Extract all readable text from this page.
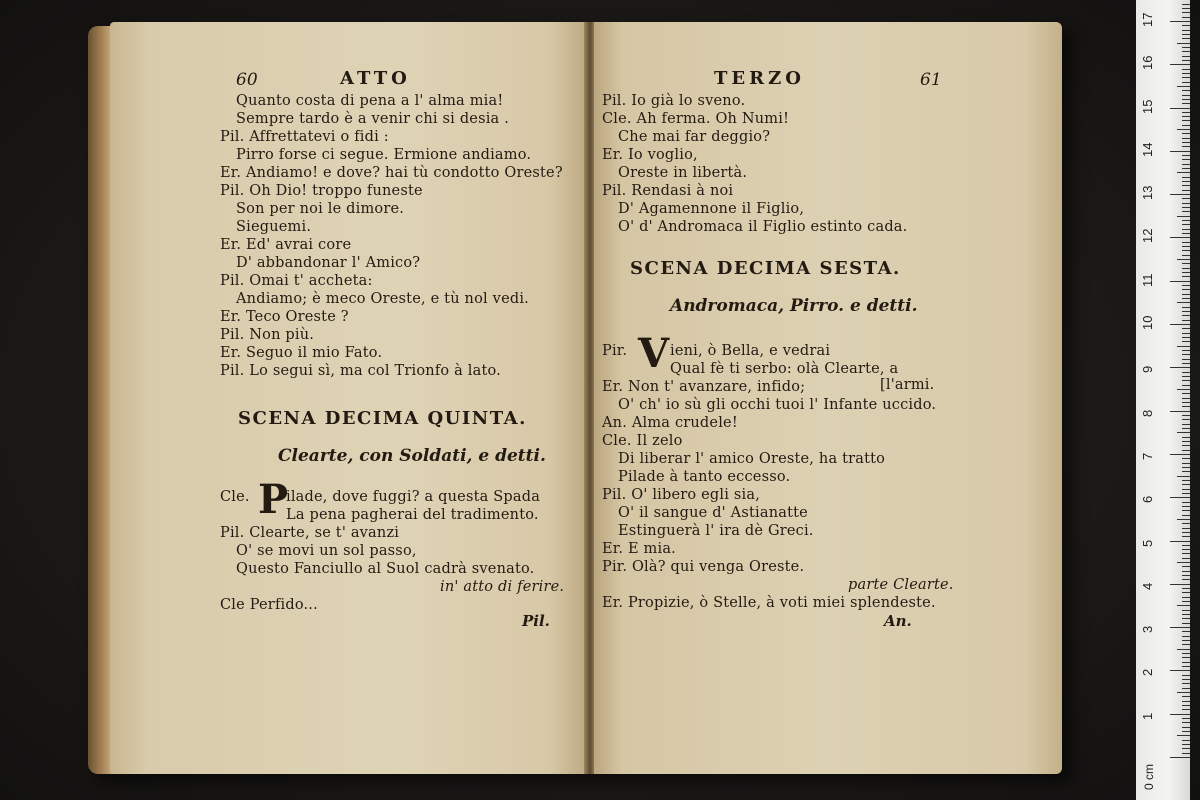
60	ATTO
Quanto costa di pena a l' alma mia!
Sempre tardo è a venir chi si desia .
Pil. Affrettatevi o fidi :
Pirro forse ci segue. Ermione andiamo.
Er. Andiamo! e dove? hai tù condotto Oreste?
Pil. Oh Dio! troppo funeste
Son per noi le dimore.
Sieguemi.
Er. Ed' avrai core
D' abbandonar l' Amico?
Pil. Omai t' accheta:
Andiamo; è meco Oreste, e tù nol vedi.
Er. Teco Oreste ?
Pil. Non più.
Er. Seguo il mio Fato.
Pil. Lo segui sì, ma col Trionfo à lato.
SCENA DECIMA QUINTA.
Clearte, con Soldati, e detti.
Cle. P
ilade, dove fuggi? a questa Spada
La pena pagherai del tradimento.
Pil. Clearte, se t' avanzi
O' se movi un sol passo,
Questo Fanciullo al Suol cadrà svenato.
in' atto di ferire.
Cle Perfido...
Pil.
TERZO	61
Pil. Io già lo sveno.
Cle. Ah ferma. Oh Numi!
Che mai far deggio?
Er. Io voglio,
Oreste in libertà.
Pil. Rendasi à noi
D' Agamennone il Figlio,
O' d' Andromaca il Figlio estinto cada.
SCENA DECIMA SESTA.
Andromaca, Pirro. e detti.
Pir. V ieni, ò Bella, e vedrai
Qual fè ti serbo: olà Clearte, a
Er. Non t' avanzare, infido;	[l'armi.
O' ch' io sù gli occhi tuoi l' Infante uccido.
An. Alma crudele!
Cle. Il zelo
Di liberar l' amico Oreste, ha tratto
Pilade à tanto eccesso.
Pil. O' libero egli sia,
O' il sangue d' Astianatte
Estinguerà l' ira dè Greci.
Er. E mia.
Pir. Olà? qui venga Oreste.
parte Clearte.
Er. Propizie, ò Stelle, à voti miei splendeste.
An.
0 cm
1
2
3
4
5
6
7
8
9
10
11
12
13
14
15
16
17
